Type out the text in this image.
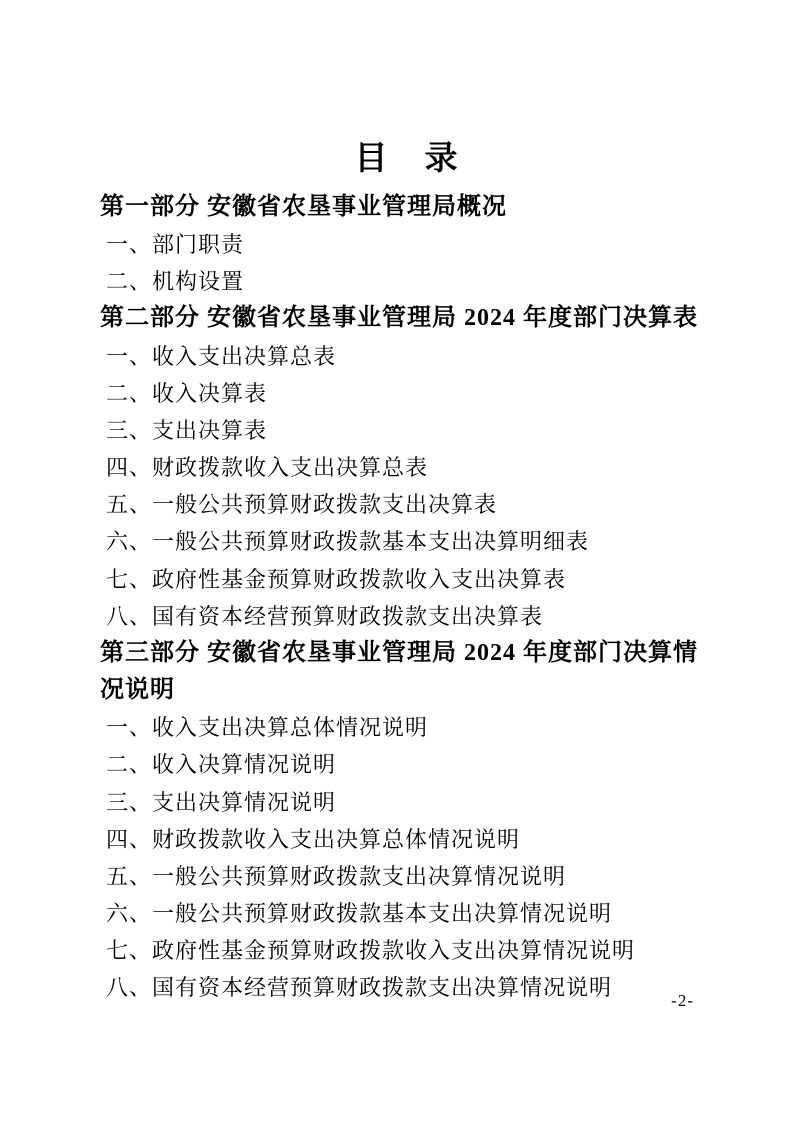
目　录
第一部分 安徽省农垦事业管理局概况
一、部门职责
二、机构设置
第二部分 安徽省农垦事业管理局 2024 年度部门决算表
一、收入支出决算总表
二、收入决算表
三、支出决算表
四、财政拨款收入支出决算总表
五、一般公共预算财政拨款支出决算表
六、一般公共预算财政拨款基本支出决算明细表
七、政府性基金预算财政拨款收入支出决算表
八、国有资本经营预算财政拨款支出决算表
第三部分 安徽省农垦事业管理局 2024 年度部门决算情况说明
一、收入支出决算总体情况说明
二、收入决算情况说明
三、支出决算情况说明
四、财政拨款收入支出决算总体情况说明
五、一般公共预算财政拨款支出决算情况说明
六、一般公共预算财政拨款基本支出决算情况说明
七、政府性基金预算财政拨款收入支出决算情况说明
八、国有资本经营预算财政拨款支出决算情况说明
-2-
